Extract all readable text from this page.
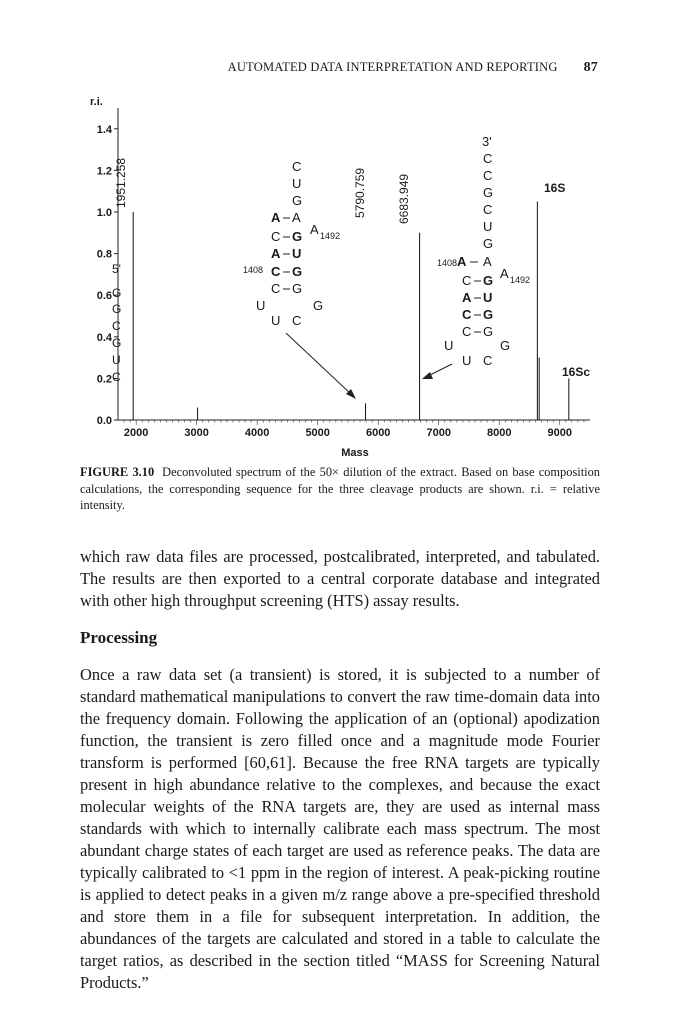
AUTOMATED DATA INTERPRETATION AND REPORTING 87
0.0
0.2
0.4
0.6
0.8
1.0
1.2
1.4
2000	3000	4000	5000	6000	7000	8000	9000
r.i.
Mass
1951.258	5790.759	6683.949	16S
16Sc
5'
G
G
C
G
U
C
C
U
G
A A
A 1492
C G
A U
1408 C G
C G
U	G
U C
3'
C
C
G
C
U
G
1408 A A
A 1492
C G
A U
C G
C G
U	G
U C
FIGURE 3.10 Deconvoluted spectrum of the 50× dilution of the extract. Based on base composition calculations, the corresponding sequence for the three cleavage products are shown. r.i. = relative intensity.

which raw data files are processed, postcalibrated, interpreted, and tabulated. The results are then exported to a central corporate database and integrated with other high throughput screening (HTS) assay results.

Processing

Once a raw data set (a transient) is stored, it is subjected to a number of standard mathematical manipulations to convert the raw time-domain data into the frequency domain. Following the application of an (optional) apodization function, the transient is zero filled once and a magnitude mode Fourier transform is performed [60,61]. Because the free RNA targets are typically present in high abundance relative to the complexes, and because the exact molecular weights of the RNA targets are, they are used as internal mass standards with which to internally calibrate each mass spectrum. The most abundant charge states of each target are used as reference peaks. The data are typically calibrated to <1 ppm in the region of interest. A peak-picking routine is applied to detect peaks in a given m/z range above a pre-specified threshold and store them in a file for subsequent interpretation. In addition, the abundances of the targets are calculated and stored in a table to calculate the target ratios, as described in the section titled “MASS for Screening Natural Products.”
